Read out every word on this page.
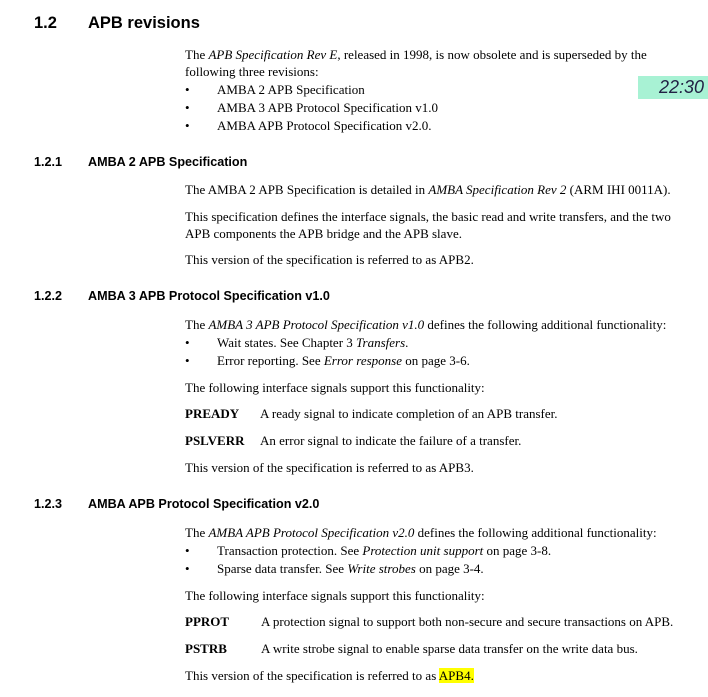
1.2 APB revisions
The APB Specification Rev E, released in 1998, is now obsolete and is superseded by the following three revisions:
• AMBA 2 APB Specification
• AMBA 3 APB Protocol Specification v1.0
• AMBA APB Protocol Specification v2.0.
22:30
1.2.1 AMBA 2 APB Specification
The AMBA 2 APB Specification is detailed in AMBA Specification Rev 2 (ARM IHI 0011A).
This specification defines the interface signals, the basic read and write transfers, and the two APB components the APB bridge and the APB slave.
This version of the specification is referred to as APB2.
1.2.2 AMBA 3 APB Protocol Specification v1.0
The AMBA 3 APB Protocol Specification v1.0 defines the following additional functionality:
• Wait states. See Chapter 3 Transfers.
• Error reporting. See Error response on page 3-6.
The following interface signals support this functionality:
PREADY A ready signal to indicate completion of an APB transfer.
PSLVERR An error signal to indicate the failure of a transfer.
This version of the specification is referred to as APB3.
1.2.3 AMBA APB Protocol Specification v2.0
The AMBA APB Protocol Specification v2.0 defines the following additional functionality:
• Transaction protection. See Protection unit support on page 3-8.
• Sparse data transfer. See Write strobes on page 3-4.
The following interface signals support this functionality:
PPROT A protection signal to support both non-secure and secure transactions on APB.
PSTRB	A write strobe signal to enable sparse data transfer on the write data bus.
This version of the specification is referred to as APB4.
